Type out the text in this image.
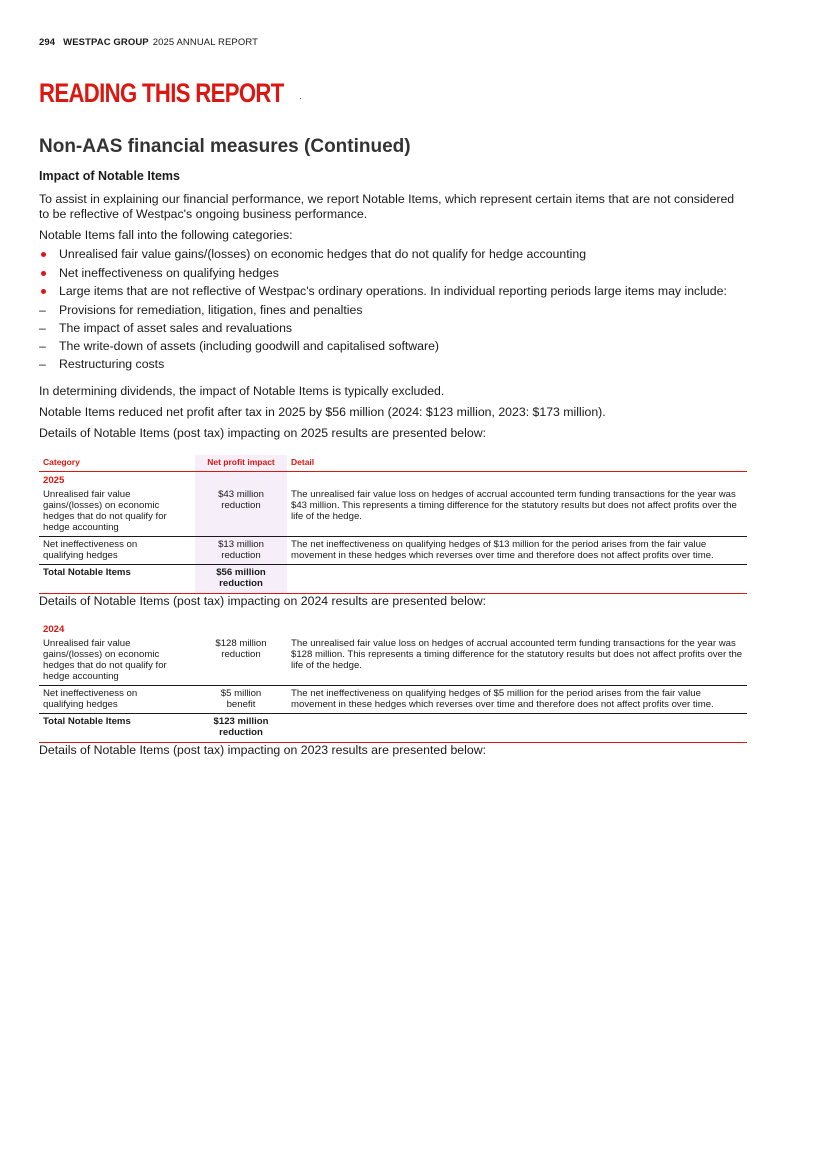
294 WESTPAC GROUP 2025 ANNUAL REPORT
READING THIS REPORT
Non-AAS financial measures (Continued)
Impact of Notable Items

To assist in explaining our financial performance, we report Notable Items, which represent certain items that are not considered to be reflective of Westpac's ongoing business performance.

Notable Items fall into the following categories:

Unrealised fair value gains/(losses) on economic hedges that do not qualify for hedge accounting
Net ineffectiveness on qualifying hedges
Large items that are not reflective of Westpac's ordinary operations. In individual reporting periods large items may include:
– Provisions for remediation, litigation, fines and penalties
– The impact of asset sales and revaluations
– The write-down of assets (including goodwill and capitalised software)
– Restructuring costs

In determining dividends, the impact of Notable Items is typically excluded.

Notable Items reduced net profit after tax in 2025 by $56 million (2024: $123 million, 2023: $173 million).

Details of Notable Items (post tax) impacting on 2025 results are presented below:

Category	Net profit impact	Detail
2025		
Unrealised fair value gains/(losses) on economic hedges that do not qualify for hedge accounting	$43 million reduction	The unrealised fair value loss on hedges of accrual accounted term funding transactions for the year was $43 million. This represents a timing difference for the statutory results but does not affect profits over the life of the hedge.
Net ineffectiveness on qualifying hedges	$13 million reduction	The net ineffectiveness on qualifying hedges of $13 million for the period arises from the fair value movement in these hedges which reverses over time and therefore does not affect profits over time.
Total Notable Items	$56 million reduction	

Details of Notable Items (post tax) impacting on 2024 results are presented below:

2024		
Unrealised fair value gains/(losses) on economic hedges that do not qualify for hedge accounting	$128 million reduction	The unrealised fair value loss on hedges of accrual accounted term funding transactions for the year was $128 million. This represents a timing difference for the statutory results but does not affect profits over the life of the hedge.
Net ineffectiveness on qualifying hedges	$5 million benefit	The net ineffectiveness on qualifying hedges of $5 million for the period arises from the fair value movement in these hedges which reverses over time and therefore does not affect profits over time.
Total Notable Items	$123 million reduction	

Details of Notable Items (post tax) impacting on 2023 results are presented below:
